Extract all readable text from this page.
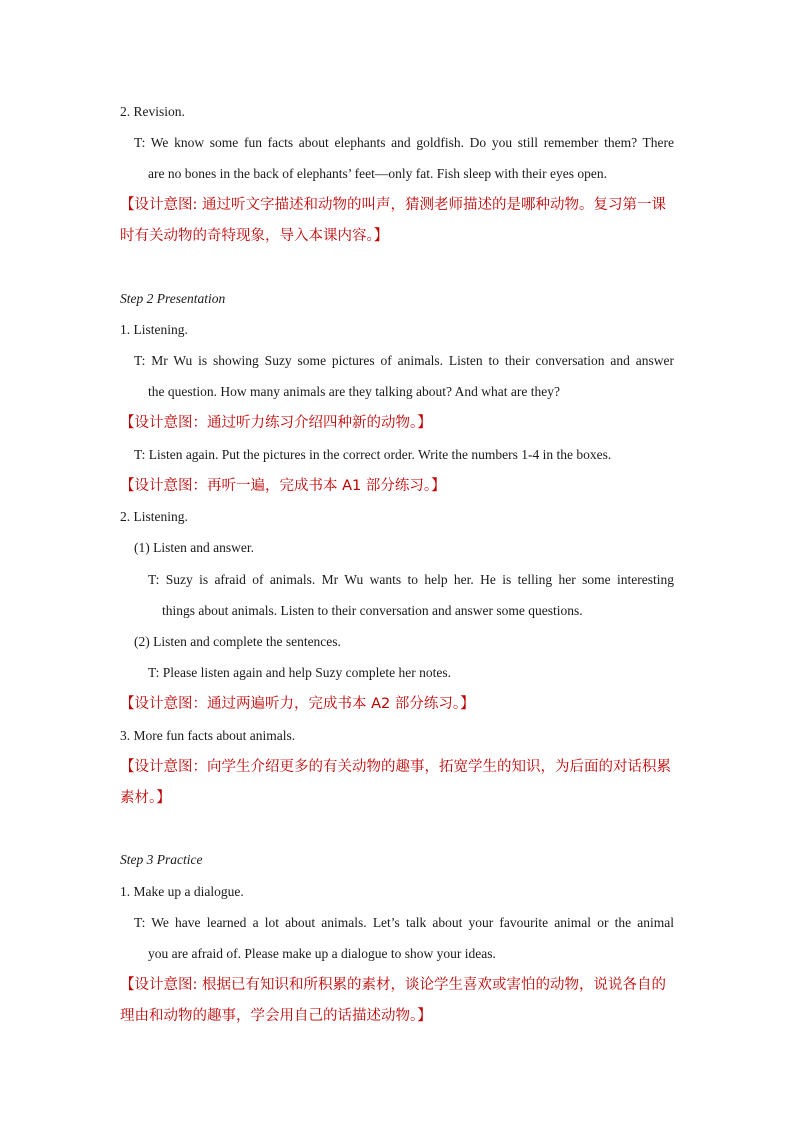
2. Revision.
T: We know some fun facts about elephants and goldfish. Do you still remember them? There
are no bones in the back of elephants’ feet—only fat. Fish sleep with their eyes open.
【设计意图: 通过听文字描述和动物的叫声，猜测老师描述的是哪种动物。复习第一课时有关动物的奇特现象，导入本课内容。】
Step 2 Presentation
1. Listening.
T: Mr Wu is showing Suzy some pictures of animals. Listen to their conversation and answer
the question. How many animals are they talking about? And what are they?
【设计意图：通过听力练习介绍四种新的动物。】
T: Listen again. Put the pictures in the correct order. Write the numbers 1-4 in the boxes.
【设计意图：再听一遍，完成书本 A1 部分练习。】
2. Listening.
(1) Listen and answer.
T: Suzy is afraid of animals. Mr Wu wants to help her. He is telling her some interesting
things about animals. Listen to their conversation and answer some questions.
(2) Listen and complete the sentences.
T: Please listen again and help Suzy complete her notes.
【设计意图：通过两遍听力，完成书本 A2 部分练习。】
3. More fun facts about animals.
【设计意图：向学生介绍更多的有关动物的趣事，拓宽学生的知识，为后面的对话积累素材。】
Step 3 Practice
1. Make up a dialogue.
T: We have learned a lot about animals. Let’s talk about your favourite animal or the animal
you are afraid of. Please make up a dialogue to show your ideas.
【设计意图: 根据已有知识和所积累的素材，谈论学生喜欢或害怕的动物，说说各自的理由和动物的趣事，学会用自己的话描述动物。】
